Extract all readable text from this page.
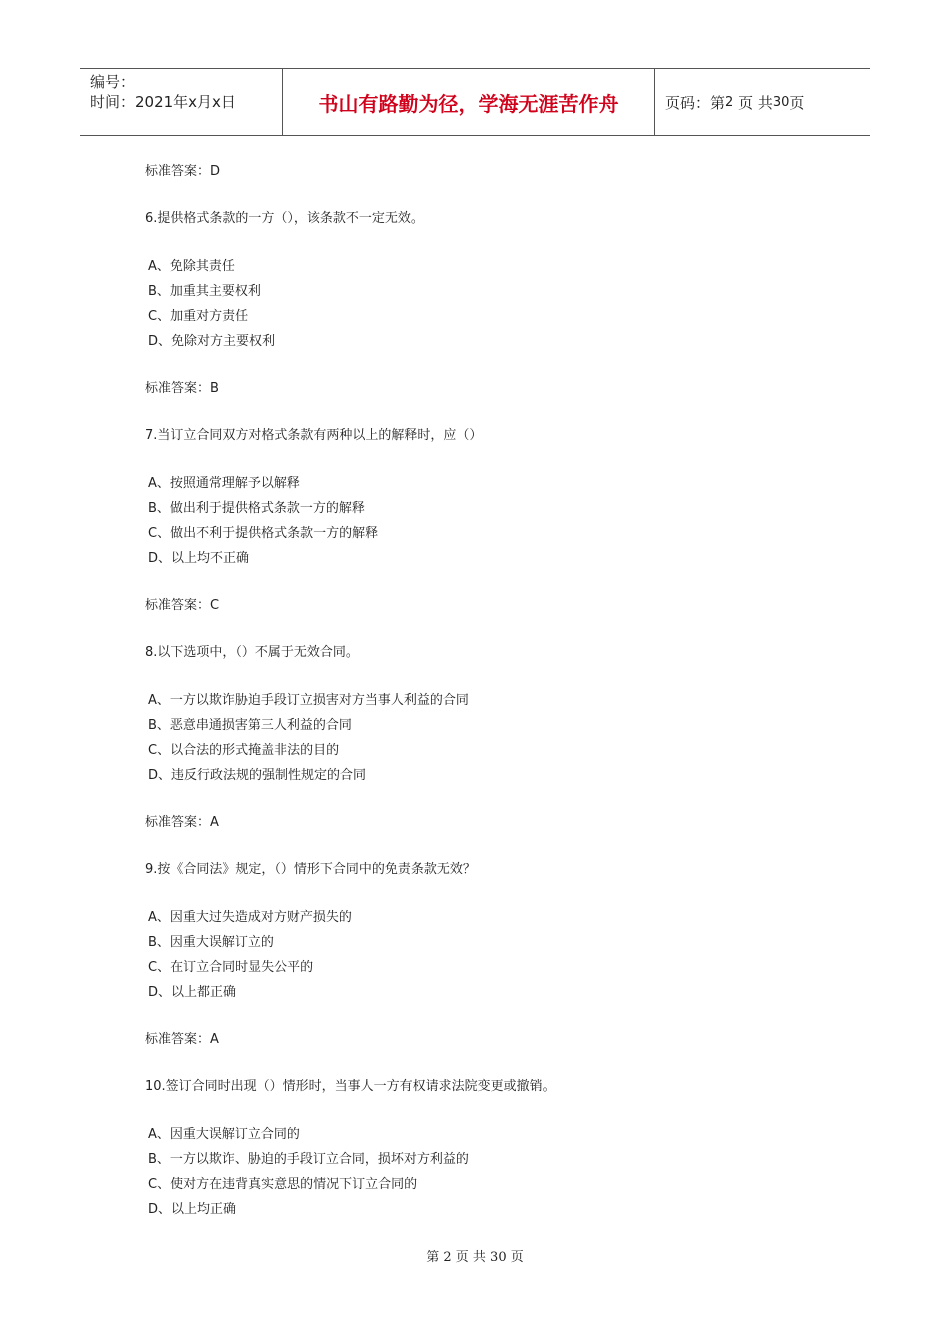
编号：
时间：2021年x月x日	书山有路勤为径，学海无涯苦作舟	页码：第 2
页 共 30 页
标准答案：D
6.提供格式条款的一方（），该条款不一定无效。
A、免除其责任
B、加重其主要权利
C、加重对方责任
D、免除对方主要权利
标准答案：B
7.当订立合同双方对格式条款有两种以上的解释时，应（）
A、按照通常理解予以解释
B、做出利于提供格式条款一方的解释
C、做出不利于提供格式条款一方的解释
D、以上均不正确
标准答案：C
8.以下选项中，（）不属于无效合同。
A、一方以欺诈胁迫手段订立损害对方当事人利益的合同
B、恶意串通损害第三人利益的合同
C、以合法的形式掩盖非法的目的
D、违反行政法规的强制性规定的合同
标准答案：A
9.按《合同法》规定，（）情形下合同中的免责条款无效？
A、因重大过失造成对方财产损失的
B、因重大误解订立的
C、在订立合同时显失公平的
D、以上都正确
标准答案：A
10.签订合同时出现（）情形时，当事人一方有权请求法院变更或撤销。
A、因重大误解订立合同的
B、一方以欺诈、胁迫的手段订立合同，损坏对方利益的
C、使对方在违背真实意思的情况下订立合同的
D、以上均正确
第 2 页 共 30 页
